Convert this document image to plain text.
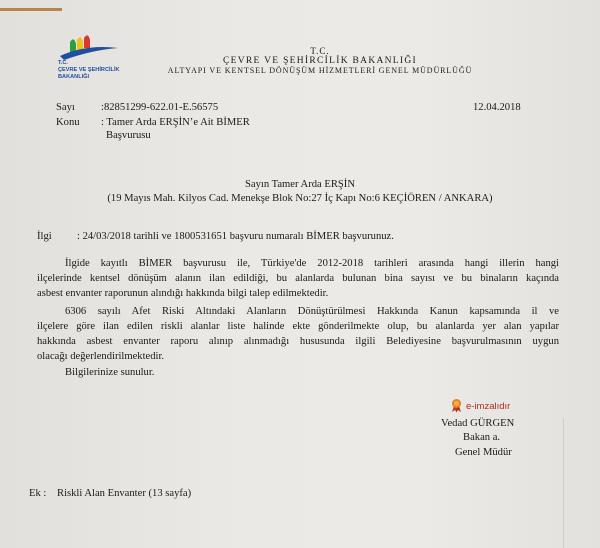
T.C.
ÇEVRE VE ŞEHİRCİLİK
BAKANLIĞI
T.C.
ÇEVRE VE ŞEHİRCİLİK BAKANLIĞI
ALTYAPI VE KENTSEL DÖNÜŞÜM HİZMETLERİ GENEL MÜDÜRLÜĞÜ
Sayı :82851299-622.01-E.56575	12.04.2018
Konu : Tamer Arda ERŞİN’e Ait BİMER
Başvurusu
Sayın Tamer Arda ERŞİN
(19 Mayıs Mah. Kilyos Cad. Menekşe Blok No:27 İç Kapı No:6 KEÇİÖREN / ANKARA)
İlgi : 24/03/2018 tarihli ve 1800531651 başvuru numaralı BİMER başvurunuz.
İlgide kayıtlı BİMER başvurusu ile, Türkiye'de 2012-2018 tarihleri arasında hangi illerin hangi
ilçelerinde kentsel dönüşüm alanın ilan edildiği, bu alanlarda bulunan bina sayısı ve bu binaların kaçında
asbest envanter raporunun alındığı hakkında bilgi talep edilmektedir.
6306 sayılı Afet Riski Altındaki Alanların Dönüştürülmesi Hakkında Kanun kapsamında il ve
ilçelere göre ilan edilen riskli alanlar liste halinde ekte gönderilmekte olup, bu alanlarda yer alan yapılar
hakkında asbest envanter raporu alınıp alınmadığı hususunda ilgili Belediyesine başvurulmasının uygun
olacağı değerlendirilmektedir.
Bilgilerinize sunulur.
e-imzalıdır
Vedad GÜRGEN
Bakan a.
Genel Müdür
Ek : Riskli Alan Envanter (13 sayfa)
